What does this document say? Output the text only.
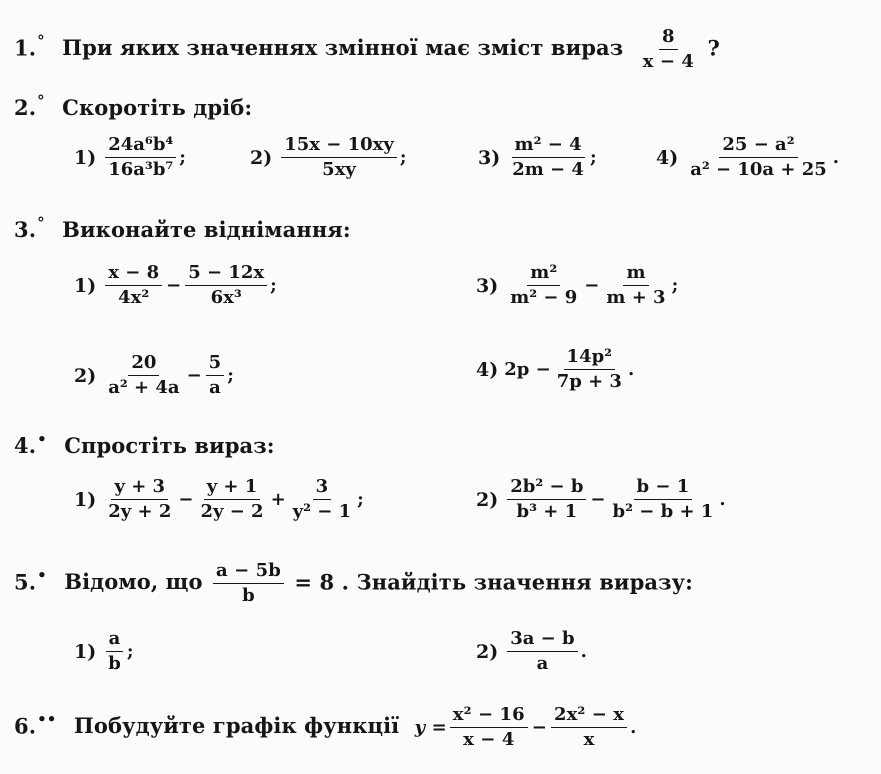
1.° При яких значеннях змінної має зміст вираз 8
x − 4
?
2.° Скоротіть дріб:
1)
24a⁶b⁴
16a³b⁷
;	2)
15x − 10xy
5xy
;	3)
m² − 4
2m − 4
;	4)
25 − a²
a² − 10a + 25
.
3.° Виконайте віднімання:
1)
x − 8
4x²
− $\frac{5 - 12x}{\text{6x³}}$ ;	3)
m²
m² − 9
− $\frac{m}{m + 3}$ ;
2)
20
a² + 4a
− $\frac{5}{a}$ ;	4) $2p - \frac{\text{14p²}}{7p + 3}$ .
4.• Спростіть вираз:
1)
y + 3
2y + 2
− $\frac{y + 1}{2y - 2} + \frac{3}{\text{y² − 1}}$ ;	2)
2b² − b
b³ + 1
− $\frac{b - 1}{\text{b² − b + 1}}$ .
5.• Відомо, що a − 5b
b
= 8 . Знайдіть значення виразу:
1)
a
b
;	2)
3a − b
a
.
6.•• Побудуйте графік функції $y = \frac{\text{x² − 16}}{x - 4} - \frac{\text{2x² − x}}{x}$ .
